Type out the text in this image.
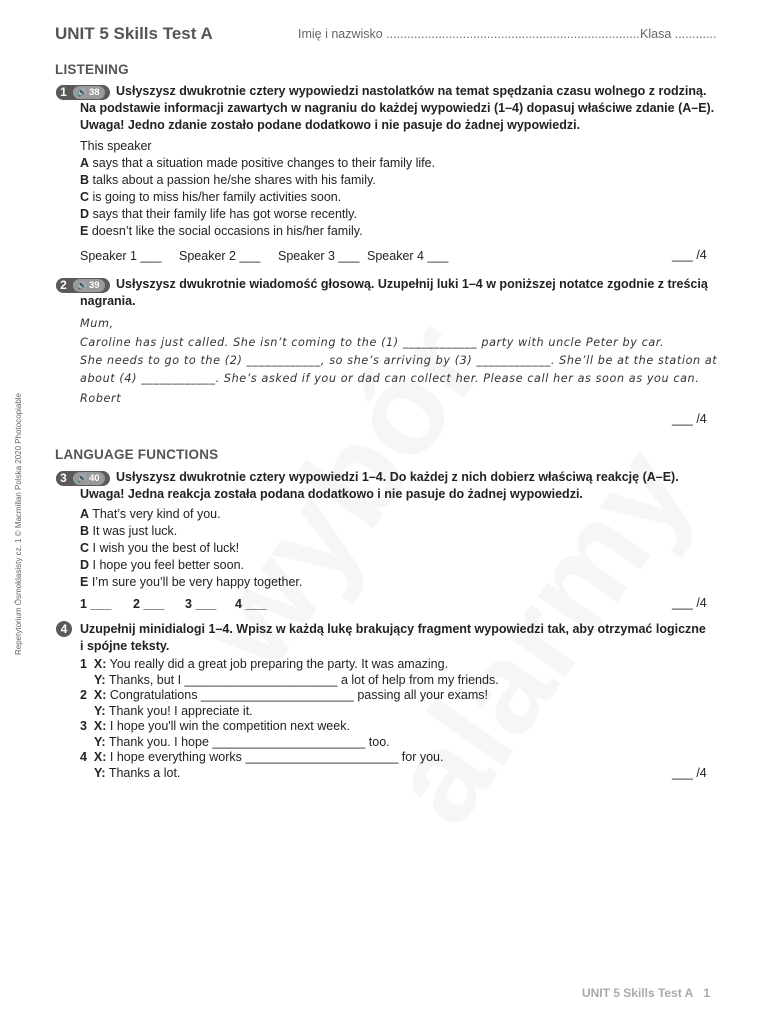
UNIT 5 Skills Test A	Imię i nazwisko ..........................................................................
Klasa ............
Repetytorium Ósmoklasisty cz. 1 © Macmillan Polska 2020 Photocopiable
LISTENING
1	🔊 38 Usłyszysz dwukrotnie cztery wypowiedzi nastolatków na temat spędzania czasu wolnego z rodziną.
Na podstawie informacji zawartych w nagraniu do każdej wypowiedzi (1–4) dopasuj właściwe zdanie (A–E).
Uwaga! Jedno zdanie zostało podane dodatkowo i nie pasuje do żadnej wypowiedzi.
This speaker
A says that a situation made positive changes to their family life.
B talks about a passion he/she shares with his family.
C is going to miss his/her family activities soon.
D says that their family life has got worse recently.
E doesn’t like the social occasions in his/her family.
Speaker 1 ___ Speaker 2 ___ Speaker 3 ___ Speaker 4 ___	___ /4
2	🔊 39 Usłyszysz dwukrotnie wiadomość głosową. Uzupełnij luki 1–4 w poniższej notatce zgodnie z treścią
nagrania.
Mum,
Caroline has just called. She isn’t coming to the (1) ____________ party with uncle Peter by car.
She needs to go to the (2) ____________, so she’s arriving by (3) ____________. She’ll be at the station at
about (4) ____________. She’s asked if you or dad can collect her. Please call her as soon as you can.
Robert
___ /4
LANGUAGE FUNCTIONS
3	🔊 40 Usłyszysz dwukrotnie cztery wypowiedzi 1–4. Do każdej z nich dobierz właściwą reakcję (A–E).
Uwaga! Jedna reakcja została podana dodatkowo i nie pasuje do żadnej wypowiedzi.
A That’s very kind of you.
B It was just luck.
C I wish you the best of luck!
D I hope you feel better soon.
E I’m sure you’ll be very happy together.
1 ___ 2 ___ 3 ___ 4 ___	___ /4
4	Uzupełnij minidialogi 1–4. Wpisz w każdą lukę brakujący fragment wypowiedzi tak, aby otrzymać logiczne
i spójne teksty.
1 X: You really did a great job preparing the party. It was amazing.
Y: Thanks, but I ______________________ a lot of help from my friends.
2 X: Congratulations ______________________ passing all your exams!
Y: Thank you! I appreciate it.
3 X: I hope you'll win the competition next week.
Y: Thank you. I hope ______________________ too.
4 X: I hope everything works ______________________ for you.
Y: Thanks a lot.	___ /4
UNIT 5 Skills Test A 1
